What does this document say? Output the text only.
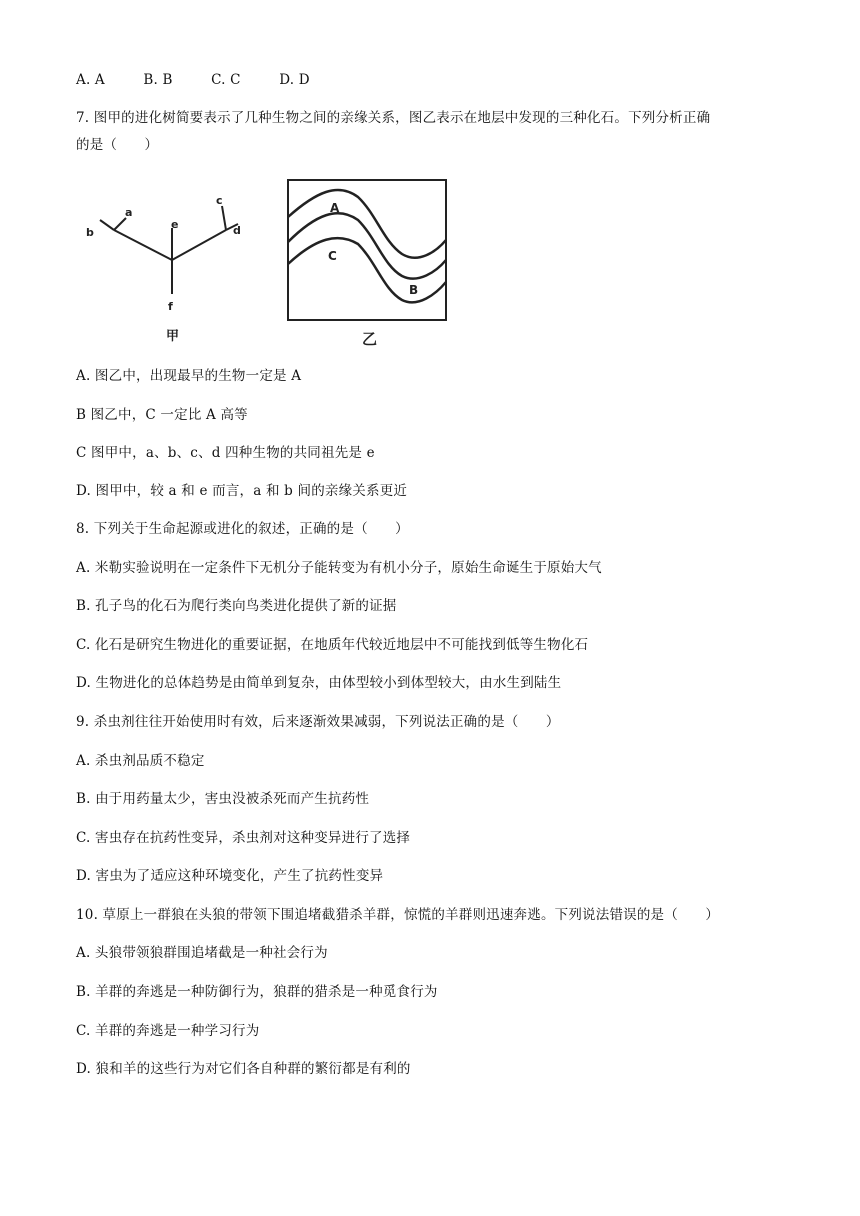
A. A	B. B	C. C	D. D
7. 图甲的进化树简要表示了几种生物之间的亲缘关系，图乙表示在地层中发现的三种化石。下列分析正确
的是（　　）
b
a
e
c
d
f
甲
A
C
B
乙
A. 图乙中，出现最早的生物一定是 A
B 图乙中，C 一定比 A 高等
C 图甲中，a、b、c、d 四种生物的共同祖先是 e
D. 图甲中，较 a 和 e 而言，a 和 b 间的亲缘关系更近
8. 下列关于生命起源或进化的叙述，正确的是（　　）
A. 米勒实验说明在一定条件下无机分子能转变为有机小分子，原始生命诞生于原始大气
B. 孔子鸟的化石为爬行类向鸟类进化提供了新的证据
C. 化石是研究生物进化的重要证据，在地质年代较近地层中不可能找到低等生物化石
D. 生物进化的总体趋势是由简单到复杂，由体型较小到体型较大，由水生到陆生
9. 杀虫剂往往开始使用时有效，后来逐渐效果减弱，下列说法正确的是（　　）
A. 杀虫剂品质不稳定
B. 由于用药量太少，害虫没被杀死而产生抗药性
C. 害虫存在抗药性变异，杀虫剂对这种变异进行了选择
D. 害虫为了适应这种环境变化，产生了抗药性变异
10. 草原上一群狼在头狼的带领下围追堵截猎杀羊群，惊慌的羊群则迅速奔逃。下列说法错误的是（　　）
A. 头狼带领狼群围追堵截是一种社会行为
B. 羊群的奔逃是一种防御行为，狼群的猎杀是一种觅食行为
C. 羊群的奔逃是一种学习行为
D. 狼和羊的这些行为对它们各自种群的繁衍都是有利的
